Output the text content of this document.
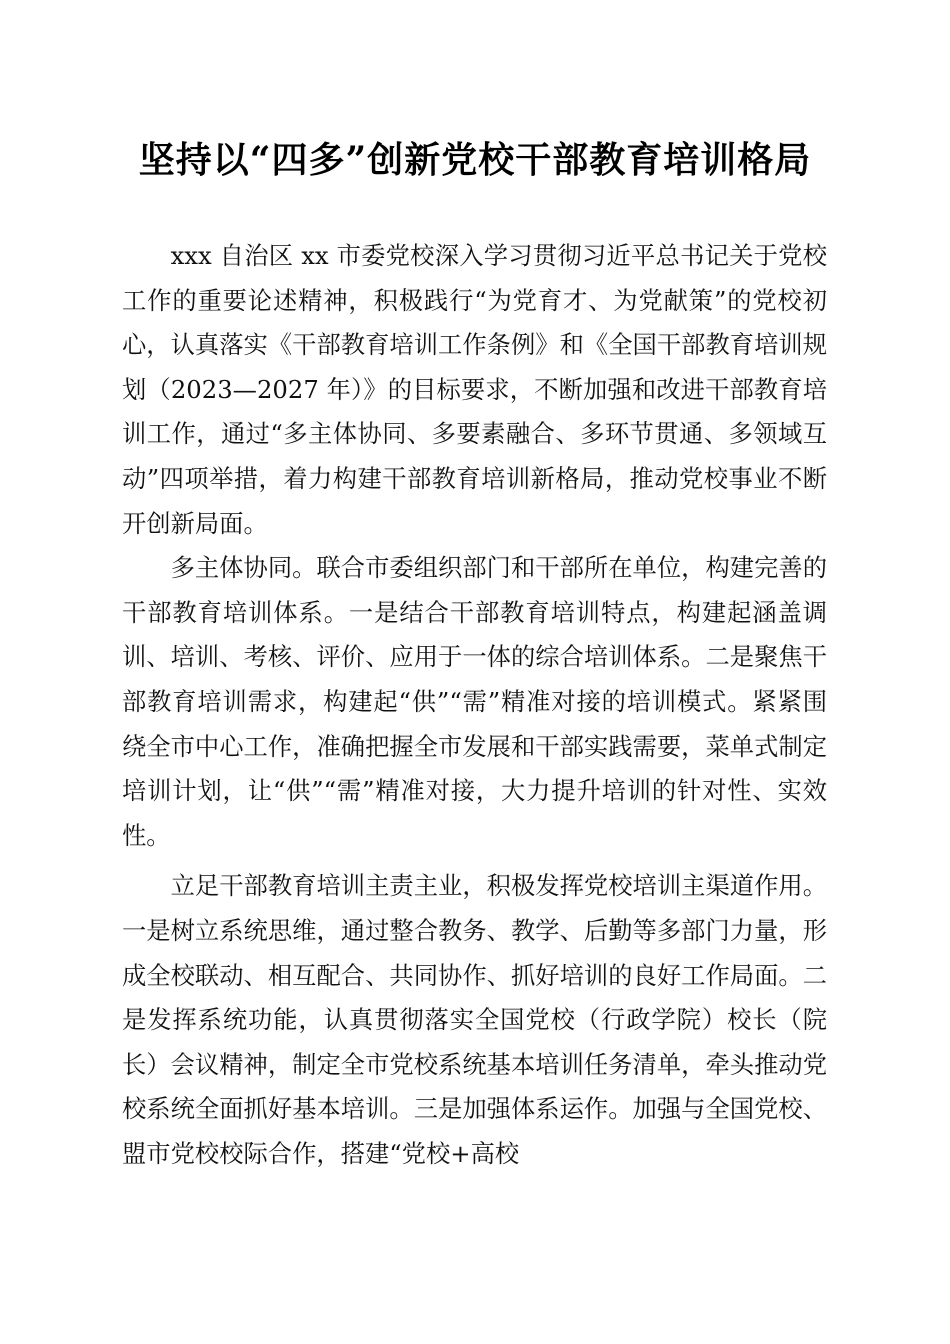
坚持以“四多”创新党校干部教育培训格局

xxx 自治区 xx 市委党校深入学习贯彻习近平总书记关于党校工作的重要论述精神，积极践行“为党育才、为党献策”的党校初心，认真落实《干部教育培训工作条例》和《全国干部教育培训规划（2023—2027 年）》的目标要求，不断加强和改进干部教育培训工作，通过“多主体协同、多要素融合、多环节贯通、多领域互动”四项举措，着力构建干部教育培训新格局，推动党校事业不断开创新局面。

多主体协同。联合市委组织部门和干部所在单位，构建完善的干部教育培训体系。一是结合干部教育培训特点，构建起涵盖调训、培训、考核、评价、应用于一体的综合培训体系。二是聚焦干部教育培训需求，构建起“供”“需”精准对接的培训模式。紧紧围绕全市中心工作，准确把握全市发展和干部实践需要，菜单式制定培训计划，让“供”“需”精准对接，大力提升培训的针对性、实效性。

立足干部教育培训主责主业，积极发挥党校培训主渠道作用。一是树立系统思维，通过整合教务、教学、后勤等多部门力量，形成全校联动、相互配合、共同协作、抓好培训的良好工作局面。二是发挥系统功能，认真贯彻落实全国党校（行政学院）校长（院长）会议精神，制定全市党校系统基本培训任务清单，牵头推动党校系统全面抓好基本培训。三是加强体系运作。加强与全国党校、盟市党校校际合作，搭建“党校+高校
